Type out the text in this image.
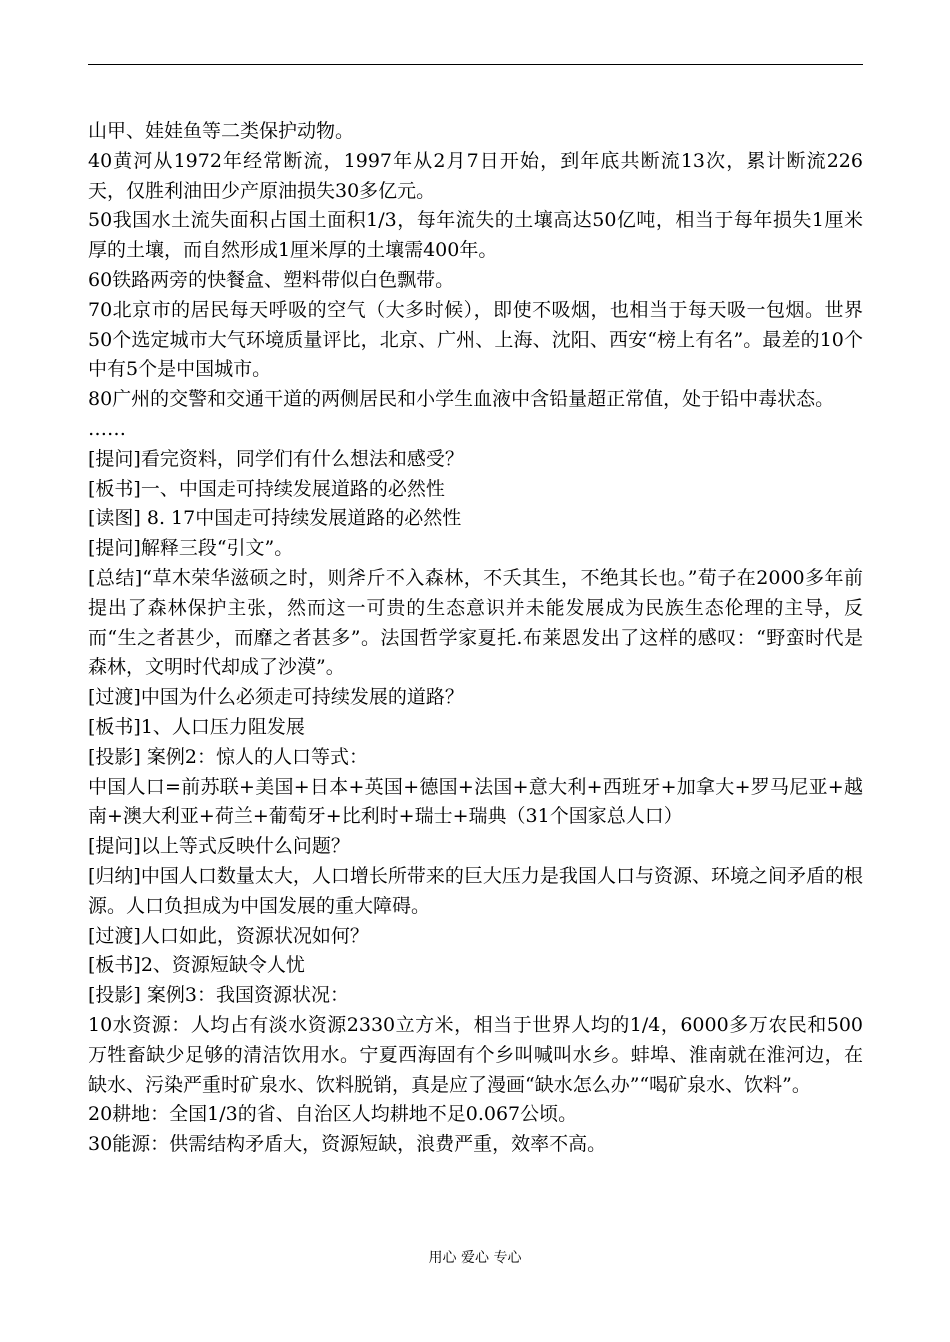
山甲、娃娃鱼等二类保护动物。

40黄河从1972年经常断流，1997年从2月7日开始，到年底共断流13次，累计断流226天，仅胜利油田少产原油损失30多亿元。

50我国水土流失面积占国土面积1/3，每年流失的土壤高达50亿吨，相当于每年损失1厘米厚的土壤，而自然形成1厘米厚的土壤需400年。

60铁路两旁的快餐盒、塑料带似白色飘带。

70北京市的居民每天呼吸的空气（大多时候），即使不吸烟，也相当于每天吸一包烟。世界50个选定城市大气环境质量评比，北京、广州、上海、沈阳、西安“榜上有名”。最差的10个中有5个是中国城市。

80广州的交警和交通干道的两侧居民和小学生血液中含铅量超正常值，处于铅中毒状态。

……

[提问]看完资料，同学们有什么想法和感受？

[板书]一、中国走可持续发展道路的必然性

[读图] 8. 17中国走可持续发展道路的必然性

[提问]解释三段“引文”。

[总结]“草木荣华滋硕之时，则斧斤不入森林，不夭其生，不绝其长也。”荀子在2000多年前提出了森林保护主张，然而这一可贵的生态意识并未能发展成为民族生态伦理的主导，反而“生之者甚少，而靡之者甚多”。法国哲学家夏托.布莱恩发出了这样的感叹：“野蛮时代是森林，文明时代却成了沙漠”。

[过渡]中国为什么必须走可持续发展的道路？

[板书]1、人口压力阻发展

[投影] 案例2：惊人的人口等式：

中国人口=前苏联+美国+日本+英国+德国+法国+意大利+西班牙+加拿大+罗马尼亚+越南+澳大利亚+荷兰+葡萄牙+比利时+瑞士+瑞典（31个国家总人口）

[提问]以上等式反映什么问题？

[归纳]中国人口数量太大，人口增长所带来的巨大压力是我国人口与资源、环境之间矛盾的根源。人口负担成为中国发展的重大障碍。

[过渡]人口如此，资源状况如何？

[板书]2、资源短缺令人忧

[投影] 案例3：我国资源状况：

10水资源：人均占有淡水资源2330立方米，相当于世界人均的1/4，6000多万农民和500万牲畜缺少足够的清洁饮用水。宁夏西海固有个乡叫喊叫水乡。蚌埠、淮南就在淮河边，在缺水、污染严重时矿泉水、饮料脱销，真是应了漫画“缺水怎么办”“喝矿泉水、饮料”。

20耕地：全国1/3的省、自治区人均耕地不足0.067公顷。

30能源：供需结构矛盾大，资源短缺，浪费严重，效率不高。

用心 爱心 专心
